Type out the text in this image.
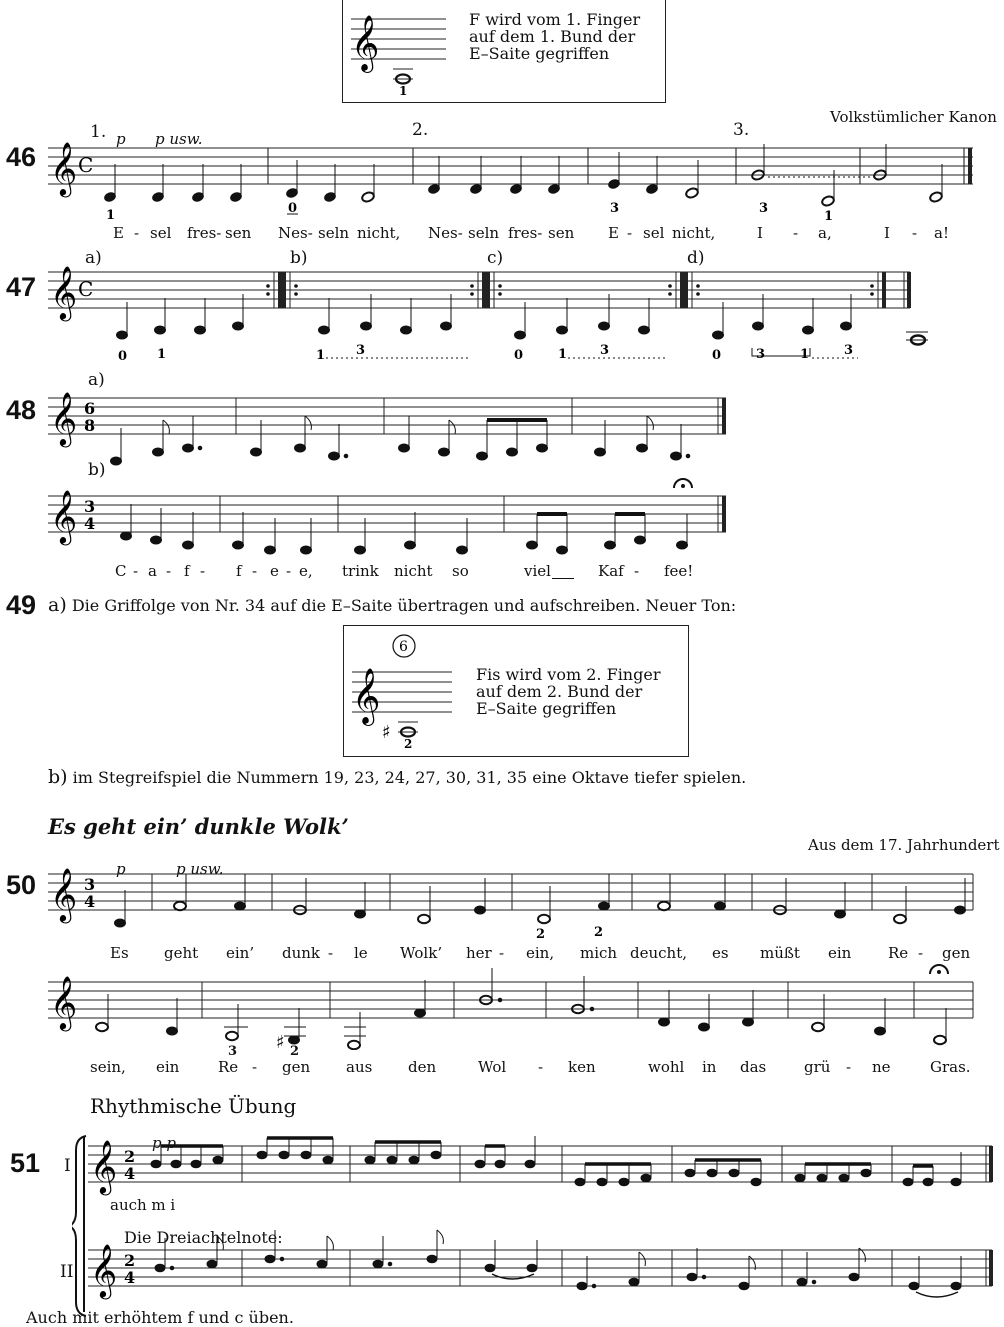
𝄞
1
F wird vom 1. Finger
auf dem 1. Bund der
E–Saite gegriffen
Volkstümlicher Kanon
46
1. p p usw.	2.	3.
𝄞 C
1	0	3	3
1
E - sel fres- sen Nes- seln nicht, Nes- seln fres- sen E - sel nicht,	I - a,	I - a!
47
a)	b)	c)	d)
𝄞 C
0 1	1 3	0	1	3	0	3	1	3
48
a)
𝄞 6
8
b)
𝄞 3
4
C - a - f - f - e - e, trink nicht so	viel	Kaf - fee!
49 a) Die Griffolge von Nr. 34 auf die E–Saite übertragen und aufschreiben. Neuer Ton:
6
𝄞
♯
2
Fis wird vom 2. Finger
auf dem 2. Bund der
E–Saite gegriffen
b) im Stegreifspiel die Nummern 19, 23, 24, 27, 30, 31, 35 eine Oktave tiefer spielen.
Es geht ein’ dunkle Wolk’
Aus dem 17. Jahrhundert
50
p	p usw.
𝄞 3
4
2	2
Es geht ein’ dunk - le Wolk’ her - ein, mich deucht, es müßt ein Re - gen
𝄞
♯
3	2
sein, ein	Re - gen aus den	Wol - ken	wohl in das	grü - ne	Gras.
Rhythmische Übung
51 I
II
p p
𝄞
𝄞
2
4
2
4
auch m i
Die Dreiachtelnote:
Auch mit erhöhtem f und c üben.
